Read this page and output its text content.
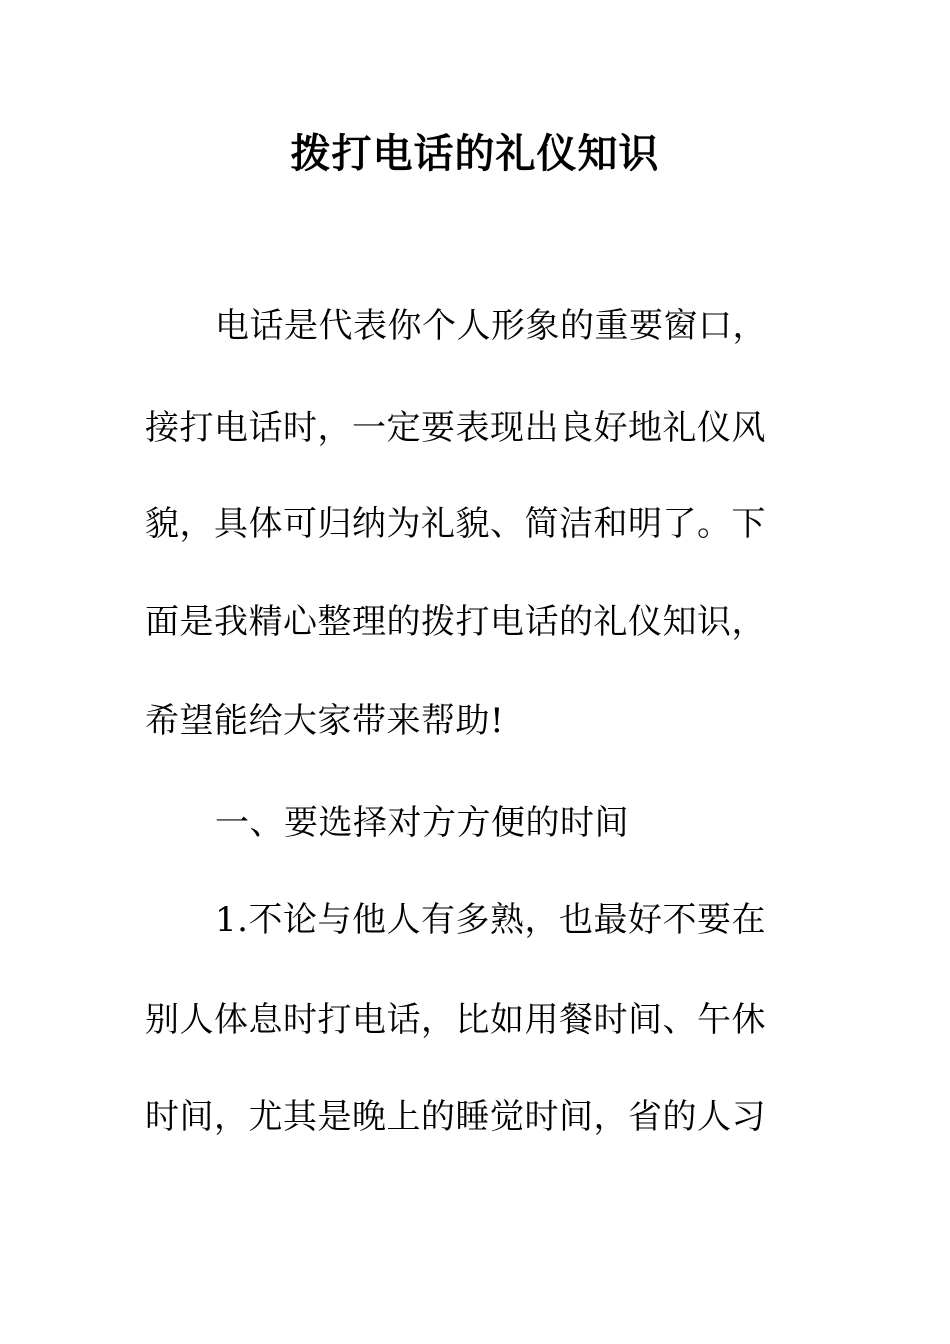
拨打电话的礼仪知识
电话是代表你个人形象的重要窗口，
接打电话时，一定要表现出良好地礼仪风
貌，具体可归纳为礼貌、简洁和明了。下
面是我精心整理的拨打电话的礼仪知识，
希望能给大家带来帮助!
一、要选择对方方便的时间
1.不论与他人有多熟，也最好不要在
别人体息时打电话，比如用餐时间、午休
时间，尤其是晚上的睡觉时间，省的人习
